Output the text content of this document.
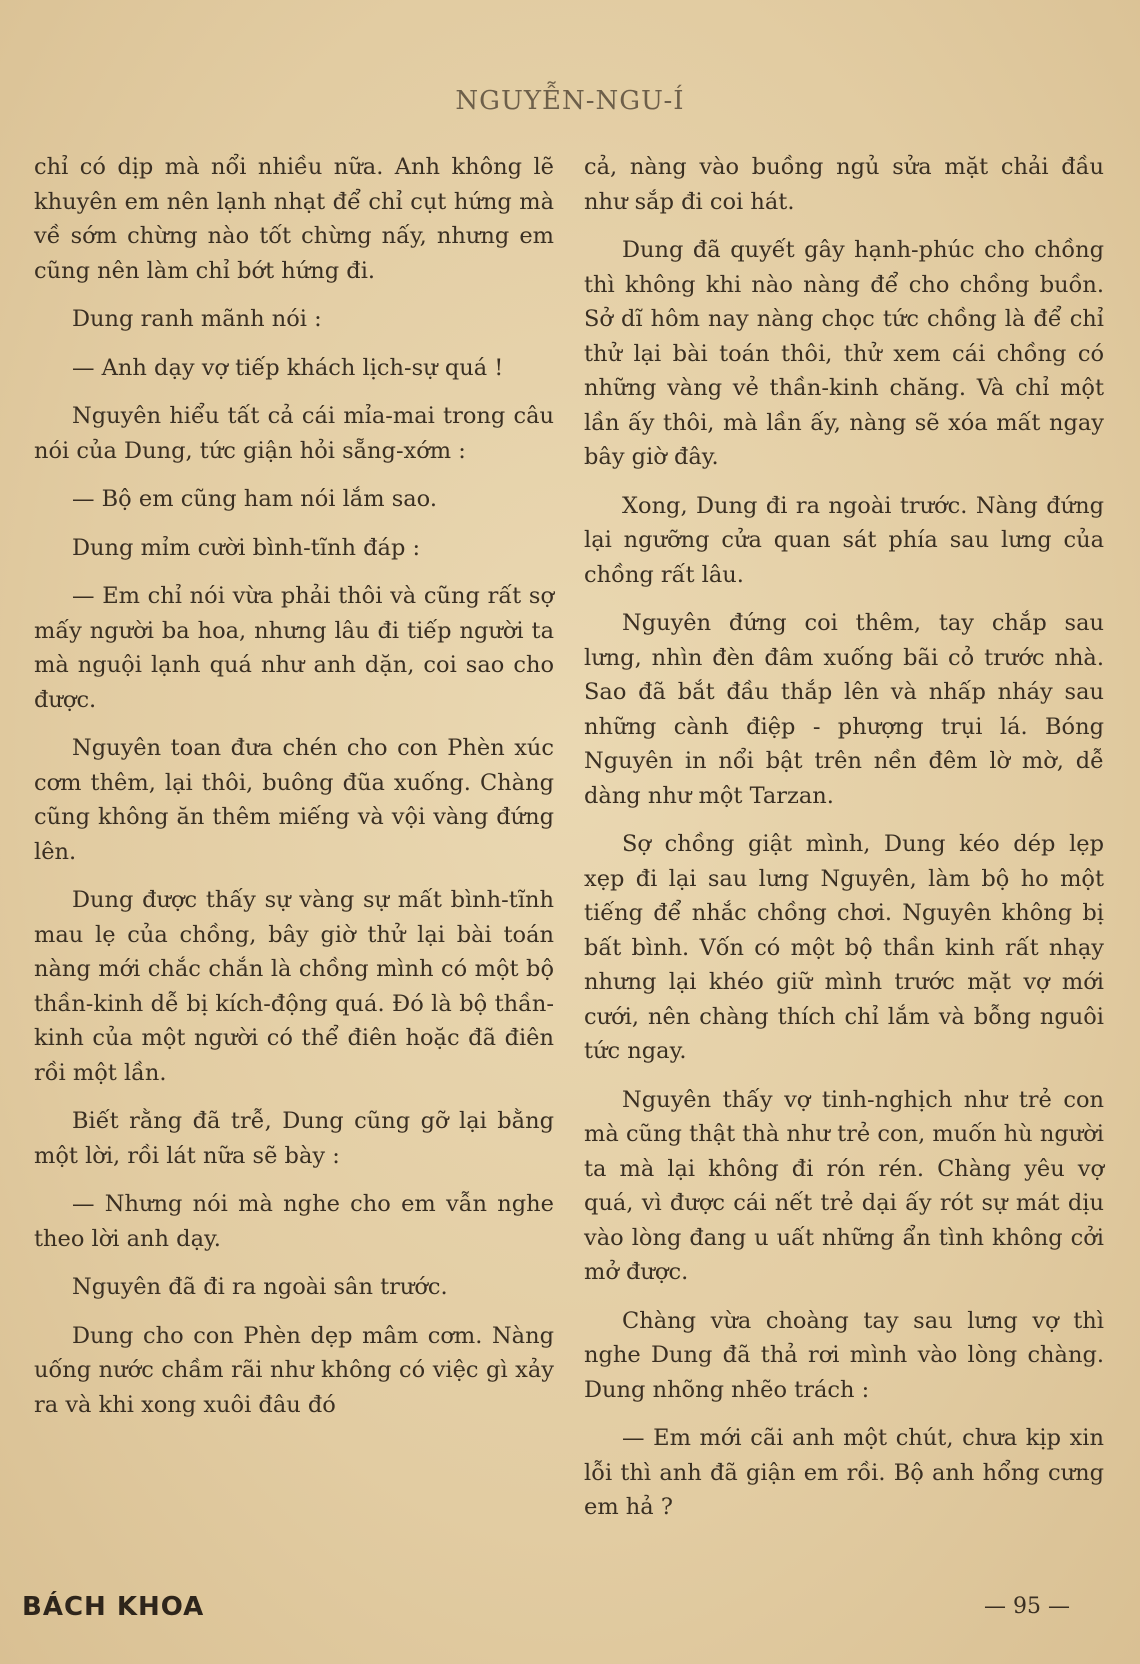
NGUYỄN-NGU-Í

chỉ có dịp mà nổi nhiều nữa. Anh không lẽ khuyên em nên lạnh nhạt để chỉ cụt hứng mà về sớm chừng nào tốt chừng nấy, nhưng em cũng nên làm chỉ bớt hứng đi.

Dung ranh mãnh nói :

— Anh dạy vợ tiếp khách lịch-sự quá !

Nguyên hiểu tất cả cái mỉa-mai trong câu nói của Dung, tức giận hỏi sẵng-xớm :

— Bộ em cũng ham nói lắm sao.

Dung mỉm cười bình-tĩnh đáp :

— Em chỉ nói vừa phải thôi và cũng rất sợ mấy người ba hoa, nhưng lâu đi tiếp người ta mà nguội lạnh quá như anh dặn, coi sao cho được.

Nguyên toan đưa chén cho con Phèn xúc cơm thêm, lại thôi, buông đũa xuống. Chàng cũng không ăn thêm miếng và vội vàng đứng lên.

Dung được thấy sự vàng sự mất bình-tĩnh mau lẹ của chồng, bây giờ thử lại bài toán nàng mới chắc chắn là chồng mình có một bộ thần-kinh dễ bị kích-động quá. Đó là bộ thần-kinh của một người có thể điên hoặc đã điên rồi một lần.

Biết rằng đã trễ, Dung cũng gỡ lại bằng một lời, rồi lát nữa sẽ bày :

— Nhưng nói mà nghe cho em vẫn nghe theo lời anh dạy.

Nguyên đã đi ra ngoài sân trước.

Dung cho con Phèn dẹp mâm cơm. Nàng uống nước chầm rãi như không có việc gì xảy ra và khi xong xuôi đâu đó

cả, nàng vào buồng ngủ sửa mặt chải đầu như sắp đi coi hát.

Dung đã quyết gây hạnh-phúc cho chồng thì không khi nào nàng để cho chồng buồn. Sở dĩ hôm nay nàng chọc tức chồng là để chỉ thử lại bài toán thôi, thử xem cái chồng có những vàng vẻ thần-kinh chăng. Và chỉ một lần ấy thôi, mà lần ấy, nàng sẽ xóa mất ngay bây giờ đây.

Xong, Dung đi ra ngoài trước. Nàng đứng lại ngưỡng cửa quan sát phía sau lưng của chồng rất lâu.

Nguyên đứng coi thêm, tay chắp sau lưng, nhìn đèn đâm xuống bãi cỏ trước nhà. Sao đã bắt đầu thắp lên và nhấp nháy sau những cành điệp - phượng trụi lá. Bóng Nguyên in nổi bật trên nền đêm lờ mờ, dễ dàng như một Tarzan.

Sợ chồng giật mình, Dung kéo dép lẹp xẹp đi lại sau lưng Nguyên, làm bộ ho một tiếng để nhắc chồng chơi. Nguyên không bị bất bình. Vốn có một bộ thần kinh rất nhạy nhưng lại khéo giữ mình trước mặt vợ mới cưới, nên chàng thích chỉ lắm và bỗng nguôi tức ngay.

Nguyên thấy vợ tinh-nghịch như trẻ con mà cũng thật thà như trẻ con, muốn hù người ta mà lại không đi rón rén. Chàng yêu vợ quá, vì được cái nết trẻ dại ấy rót sự mát dịu vào lòng đang u uất những ẩn tình không cởi mở được.

Chàng vừa choàng tay sau lưng vợ thì nghe Dung đã thả rơi mình vào lòng chàng. Dung nhõng nhẽo trách :

— Em mới cãi anh một chút, chưa kịp xin lỗi thì anh đã giận em rồi. Bộ anh hổng cưng em hả ?

BÁCH KHOA	— 95 —
